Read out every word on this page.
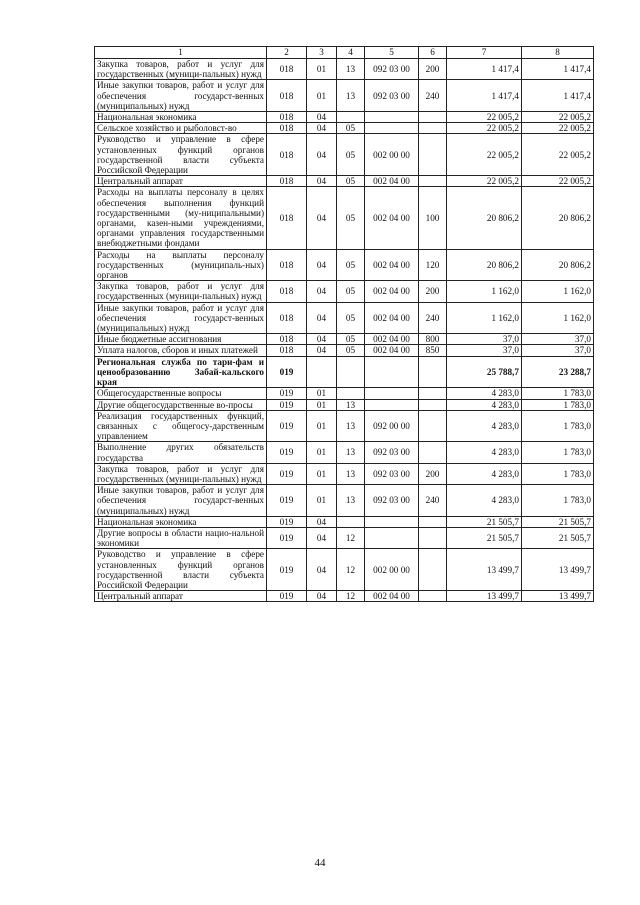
1	2	3	4	5	6	7	8
Закупка товаров, работ и услуг для государственных (муници-пальных) нужд	018	01	13	092 03 00	200	1 417,4	1 417,4
Иные закупки товаров, работ и услуг для обеспечения государст-венных (муниципальных) нужд	018	01	13	092 03 00	240	1 417,4	1 417,4
Национальная экономика	018	04				22 005,2	22 005,2
Сельское хозяйство и рыболовст-во	018	04	05			22 005,2	22 005,2
Руководство и управление в сфере установленных функций органов государственной власти субъекта Российской Федерации	018	04	05	002 00 00		22 005,2	22 005,2
Центральный аппарат	018	04	05	002 04 00		22 005,2	22 005,2
Расходы на выплаты персоналу в целях обеспечения выполнения функций государственными (му-ниципальными) органами, казен-ными учреждениями, органами управления государственными внебюджетными фондами	018	04	05	002 04 00	100	20 806,2	20 806,2
Расходы на выплаты персоналу государственных (муниципаль-ных) органов	018	04	05	002 04 00	120	20 806,2	20 806,2
Закупка товаров, работ и услуг для государственных (муници-пальных) нужд	018	04	05	002 04 00	200	1 162,0	1 162,0
Иные закупки товаров, работ и услуг для обеспечения государст-венных (муниципальных) нужд	018	04	05	002 04 00	240	1 162,0	1 162,0
Иные бюджетные ассигнования	018	04	05	002 04 00	800	37,0	37,0
Уплата налогов, сборов и иных платежей	018	04	05	002 04 00	850	37,0	37,0
Региональная служба по тари-фам и ценообразованию Забай-кальского края	019					25 788,7	23 288,7
Общегосударственные вопросы	019	01				4 283,0	1 783,0
Другие общегосударственные во-просы	019	01	13			4 283,0	1 783,0
Реализация государственных функций, связанных с общегосу-дарственным управлением	019	01	13	092 00 00		4 283,0	1 783,0
Выполнение других обязательств государства	019	01	13	092 03 00		4 283,0	1 783,0
Закупка товаров, работ и услуг для государственных (муници-пальных) нужд	019	01	13	092 03 00	200	4 283,0	1 783,0
Иные закупки товаров, работ и услуг для обеспечения государст-венных (муниципальных) нужд	019	01	13	092 03 00	240	4 283,0	1 783,0
Национальная экономика	019	04				21 505,7	21 505,7
Другие вопросы в области нацио-нальной экономики	019	04	12			21 505,7	21 505,7
Руководство и управление в сфере установленных функций органов государственной власти субъекта Российской Федерации	019	04	12	002 00 00		13 499,7	13 499,7
Центральный аппарат	019	04	12	002 04 00		13 499,7	13 499,7
44
